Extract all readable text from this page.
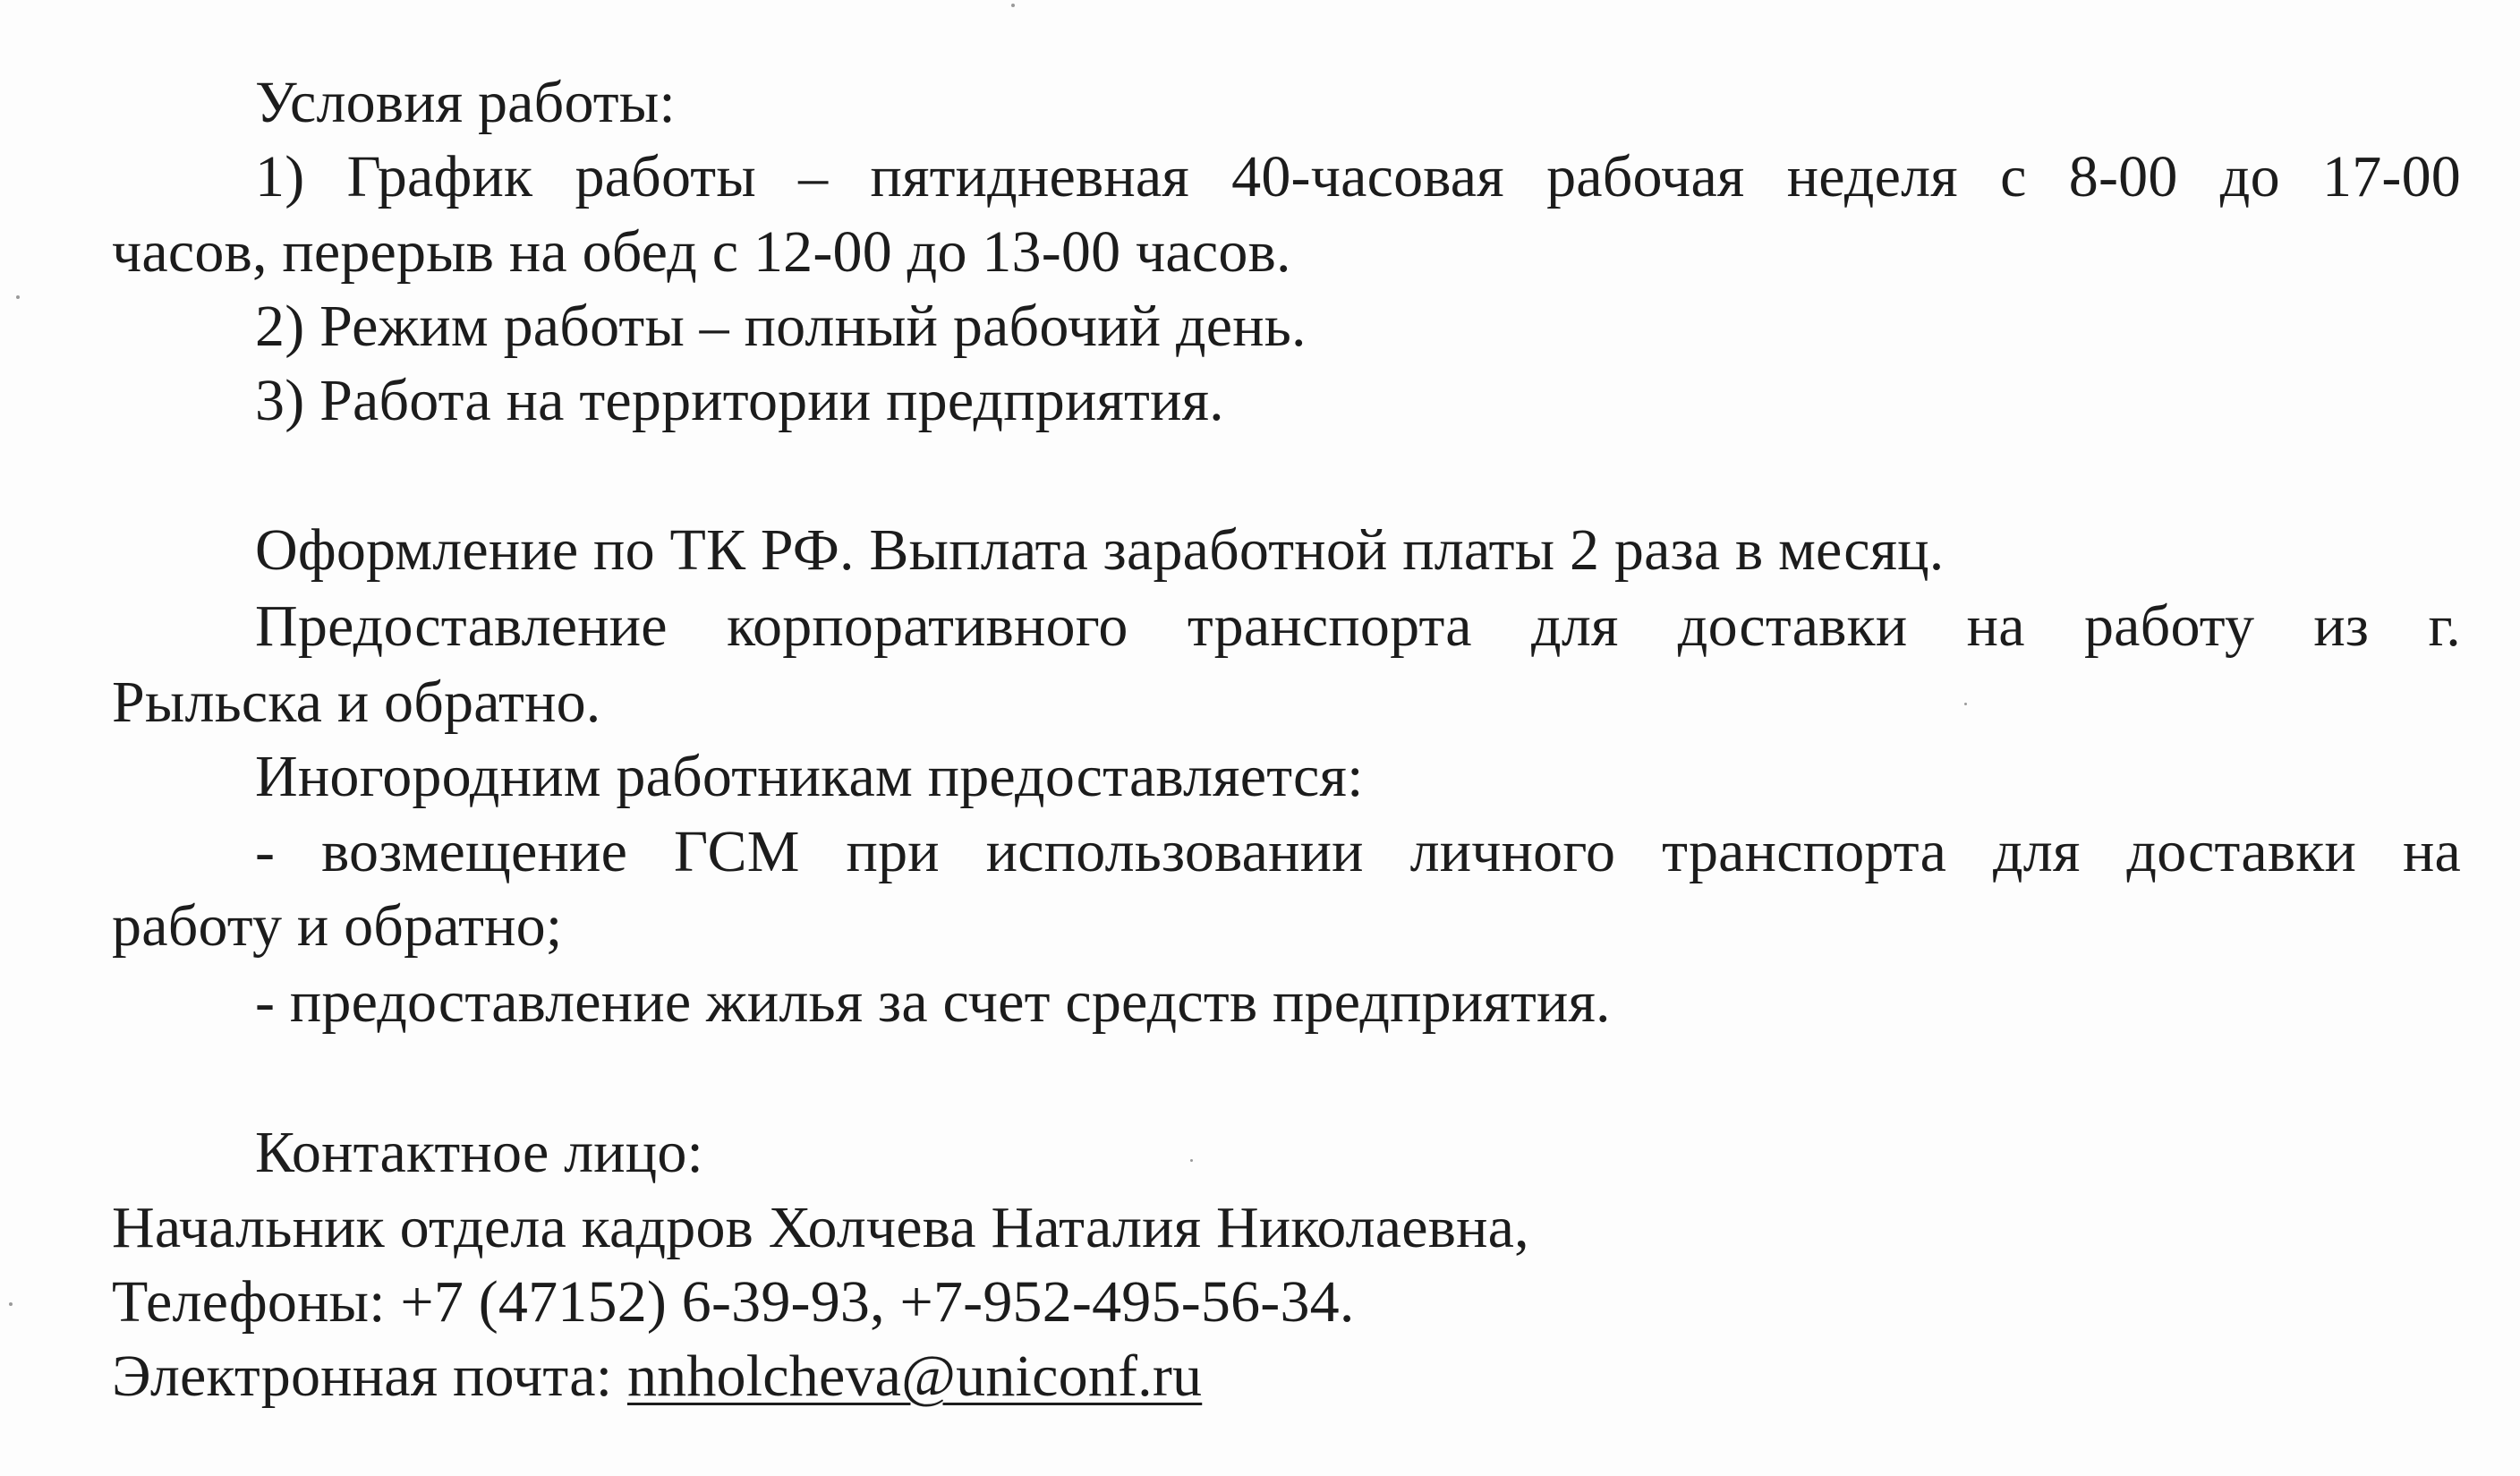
Условия работы:
1) График работы – пятидневная 40-часовая рабочая неделя с 8-00 до 17-00
часов, перерыв на обед с 12-00 до 13-00 часов.
2) Режим работы – полный рабочий день.
3) Работа на территории предприятия.
Оформление по ТК РФ. Выплата заработной платы 2 раза в месяц.
Предоставление корпоративного транспорта для доставки на работу из г.
Рыльска и обратно.
Иногородним работникам предоставляется:
- возмещение ГСМ при использовании личного транспорта для доставки на
работу и обратно;
- предоставление жилья за счет средств предприятия.
Контактное лицо:
Начальник отдела кадров Холчева Наталия Николаевна,
Телефоны: +7 (47152) 6-39-93, +7-952-495-56-34.
Электронная почта: nnholcheva@uniconf.ru
